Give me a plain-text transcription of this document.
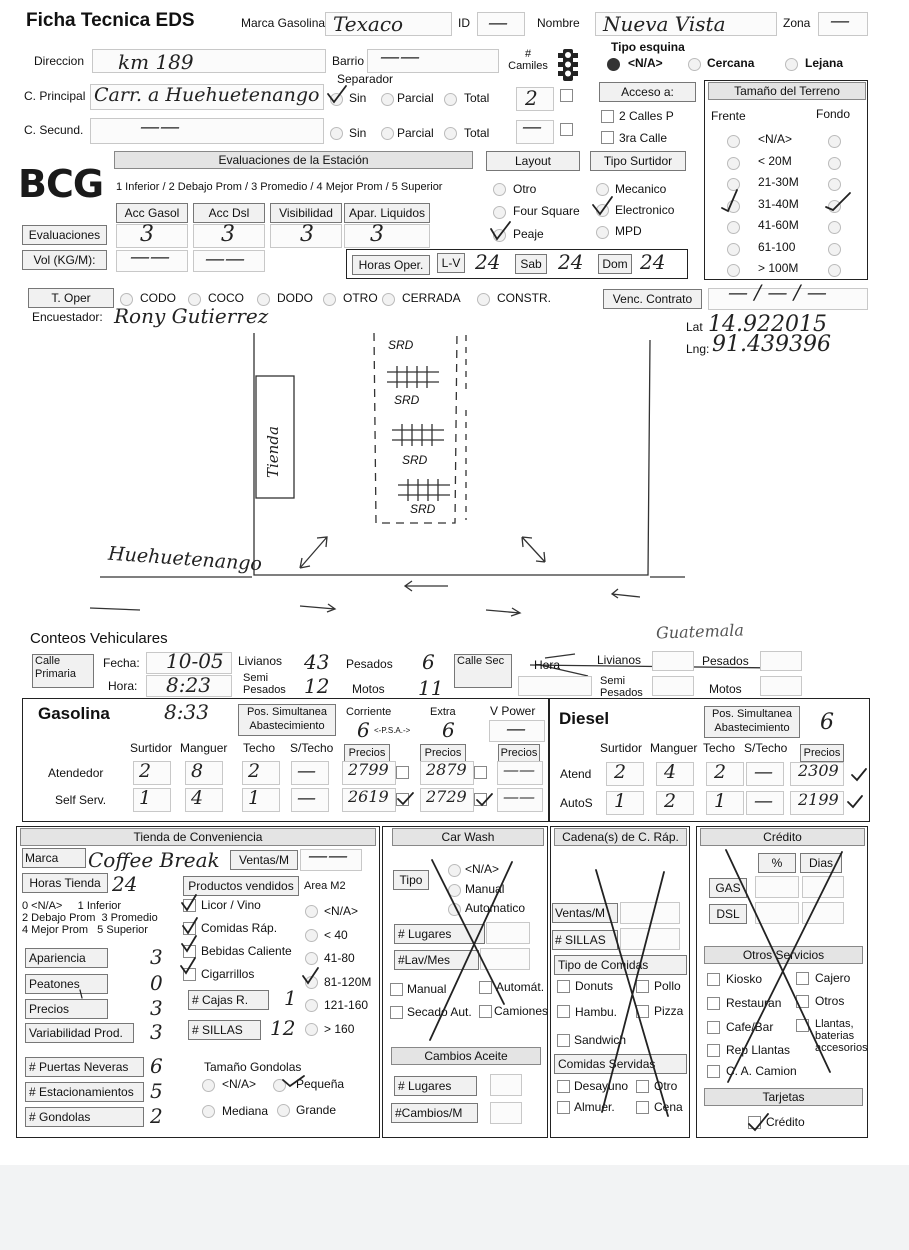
Ficha Tecnica EDS	Marca Gasolina Texaco	ID — Nombre Nueva Vista	Zona —
Direccion km 189	Barrio ——	# Camiles
Separador
C. Principal Carr. a Huehuetenango Sin	Parcial	Total 2
C. Secund.	——	Sin	Parcial	Total —
Tipo esquina
<N/A>	Cercana	Lejana
Acceso a:
2 Calles P
3ra Calle
Tamaño del Terreno
Frente	Fondo
<N/A>
< 20M
21-30M
31-40M
41-60M
61-100
> 100M
BCG
Evaluaciones de la Estación
1 Inferior / 2 Debajo Prom / 3 Promedio / 4 Mejor Prom / 5 Superior
Acc Gasol	Acc Dsl	Visibilidad	Apar. Liquidos
Evaluaciones	3	3	3	3
Vol (KG/M):	—— ——
Layout
Otro
Four Square
Peaje
Tipo Surtidor
Mecanico
Electronico
MPD
Horas Oper.	L-V 24	Sab 24	Dom 24
T. Oper	CODO	COCO	DODO	OTRO CERRADA	CONSTR.	Venc. Contrato	— / — / —
Encuestador: Rony Gutierrez	Lat 14.922015
Lng: 91.439396
Tienda
SRD
SRD
SRD
SRD
Huehuetenango
Guatemala
Conteos Vehiculares
Calle Primaria
Fecha: 10-05
Hora: 8:23
Livianos 43
Semi Pesados 12
Pesados 6
Motos 11
Calle Sec	Hora	Livianos
Semi Pesados
Pesados
Motos
Gasolina	8:33	Pos. Simultanea Abastecimiento
Corriente
6 <-P.S.A.->
Extra
6
V Power
—
Surtidor Manguer Techo S/Techo	Precios	Precios	Precios
Atendedor 2 8 2 — 2799 2879 ——
Self Serv. 1 4 1 — 2619 2729 ——
Diesel	Pos. Simultanea Abastecimiento	6
Surtidor Manguer Techo S/Techo	Precios
Atend 2 4 2 — 2309
AutoS 1 2 1 — 2199
Tienda de Conveniencia
Marca	Coffee Break	Ventas/M ——
Horas Tienda 24	Productos vendidos Area M2
0 <N/A>     1 Inferior
2 Debajo Prom  3 Promedio
4 Mejor Prom   5 Superior
Licor / Vino
Comidas Ráp.
Bebidas Caliente
Cigarrillos
<N/A>
< 40
41-80
81-120M
121-160
> 160
Apariencia	3
Peatones	0
Precios	3
Variabilidad Prod.	3
# Puertas Neveras	6
# Estacionamientos 5
# Gondolas	2
# Cajas R.	1
# SILLAS	12
Tamaño Gondolas
<N/A>	Pequeña
Mediana Grande
Car Wash
Tipo
<N/A>
Manual
Automatico
# Lugares
#Lav/Mes
Manual	Automát.
Secado Aut. Camiones
Cambios Aceite
# Lugares
#Cambios/M
Cadena(s) de C. Ráp.
Ventas/M
# SILLAS
Tipo de Comidas
Donuts	Pollo
Hambu.	Pizza
Sandwich
Comidas Servidas
Desayuno Otro
Almuer.	Cena
Crédito
%	Dias
GAS
DSL
Otros Servicios
Kiosko	Cajero
Restauran	Otros
Cafe/Bar	Llantas, baterias accesorios
Rep Llantas
C. A. Camion
Tarjetas
Crédito
